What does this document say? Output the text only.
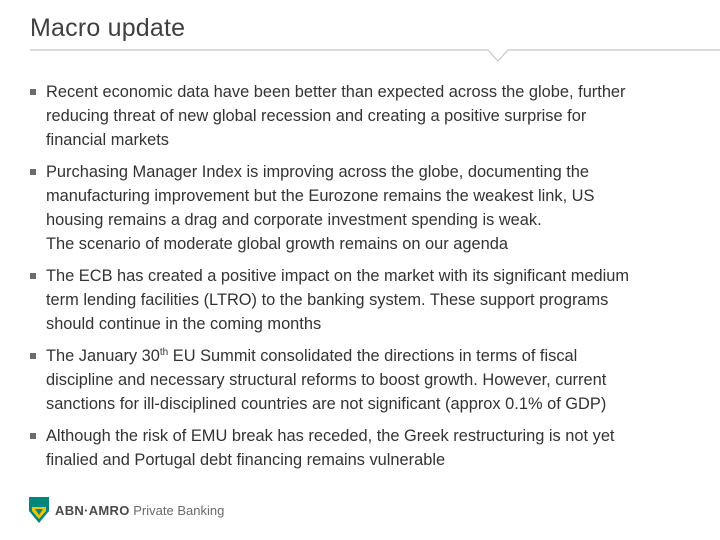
Macro update

Recent economic data have been better than expected across the globe, further

reducing threat of new global recession and creating a positive surprise for

financial markets

Purchasing Manager Index is improving across the globe, documenting the

manufacturing improvement but the Eurozone remains the weakest link, US

housing remains a drag and corporate investment spending is weak.

The scenario of moderate global growth remains on our agenda

The ECB has created a positive impact on the market with its significant medium

term lending facilities (LTRO) to the banking system. These support programs

should continue in the coming months

The January 30th EU Summit consolidated the directions in terms of fiscal

discipline and necessary structural reforms to boost growth. However, current

sanctions for ill-disciplined countries are not significant (approx 0.1% of GDP)

Although the risk of EMU break has receded, the Greek restructuring is not yet

finalied and Portugal debt financing remains vulnerable

ABN·AMRO Private Banking
